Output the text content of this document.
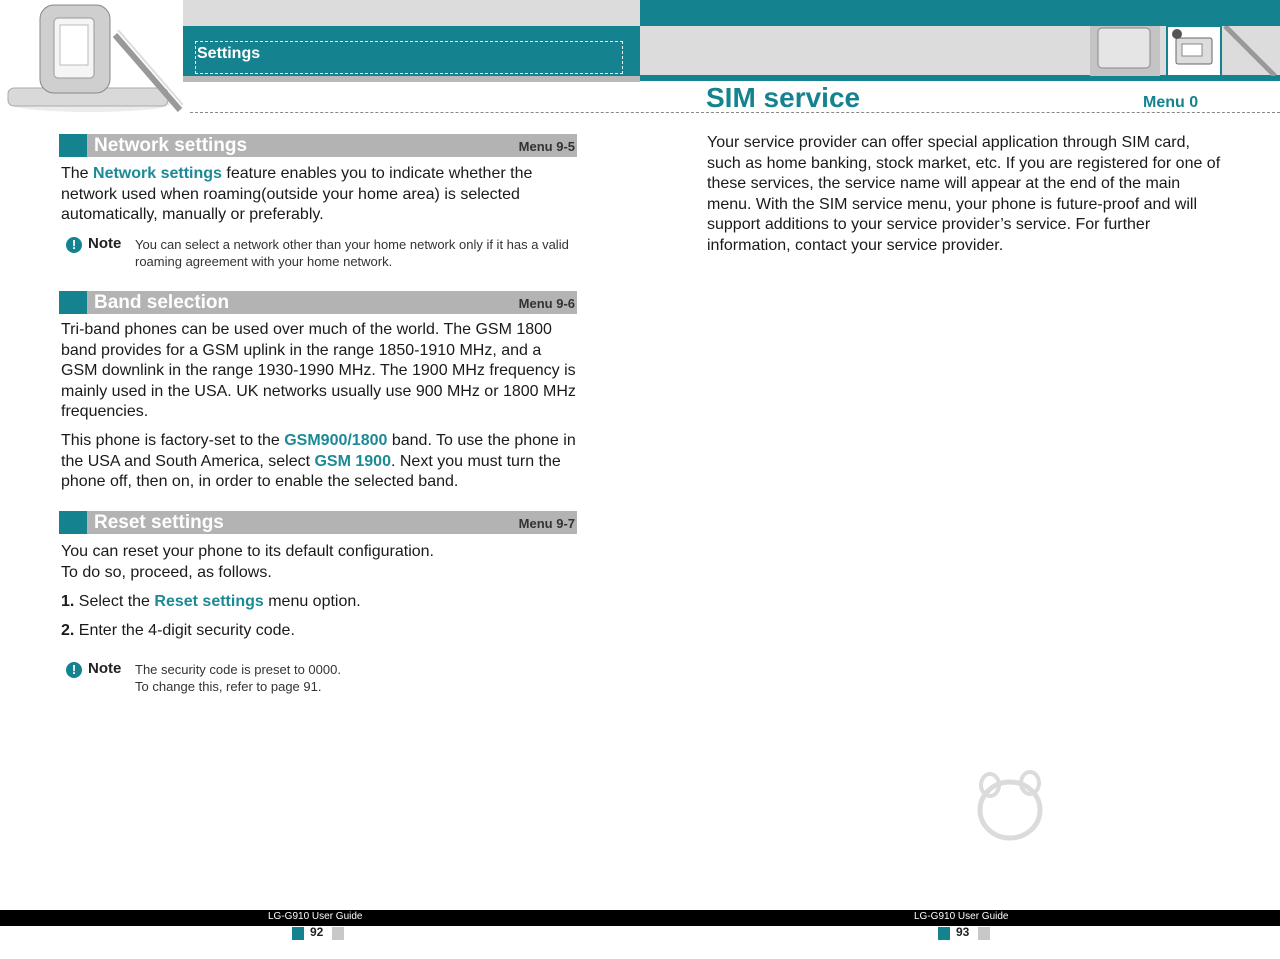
Settings
Network settings	Menu 9-5
The Network settings feature enables you to indicate whether the network used when roaming(outside your home area) is selected automatically, manually or preferably.
! Note You can select a network other than your home network only if it has a valid roaming agreement with your home network.
Band selection	Menu 9-6
Tri-band phones can be used over much of the world. The GSM 1800 band provides for a GSM uplink in the range 1850-1910 MHz, and a GSM downlink in the range 1930-1990 MHz. The 1900 MHz frequency is mainly used in the USA. UK networks usually use 900 MHz or 1800 MHz frequencies.
This phone is factory-set to the GSM900/1800 band. To use the phone in the USA and South America, select GSM 1900. Next you must turn the phone off, then on, in order to enable the selected band.
Reset settings	Menu 9-7
You can reset your phone to its default configuration.
To do so, proceed, as follows.
1. Select the Reset settings menu option.
2. Enter the 4-digit security code.
! Note The security code is preset to 0000.
To change this, refer to page 91.
SIM service	Menu 0
Your service provider can offer special application through SIM card, such as home banking, stock market, etc. If you are registered for one of these services, the service name will appear at the end of the main menu. With the SIM service menu, your phone is future-proof and will support additions to your service provider’s service. For further information, contact your service provider.
LG-G910 User Guide	LG-G910 User Guide
92	93
